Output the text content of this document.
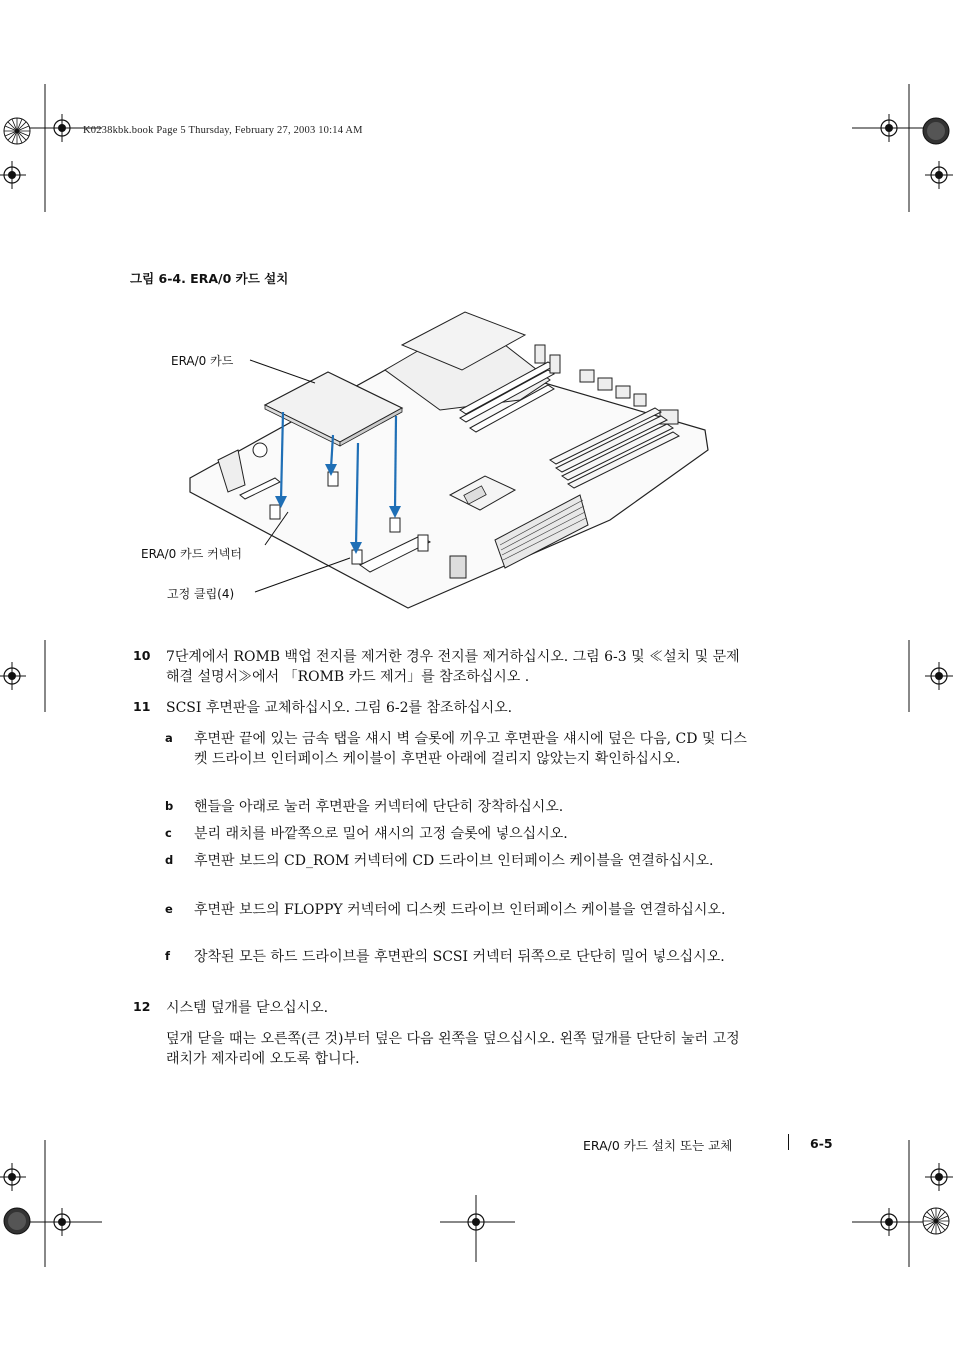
K0238kbk.book Page 5 Thursday, February 27, 2003 10:14 AM
그림 6-4. ERA/0 카드 설치
ERA/0 카드
ERA/0 카드 커넥터
고정 클립(4)
10 7단계에서 ROMB 백업 전지를 제거한 경우 전지를 제거하십시오. 그림 6-3 및 ≪설치 및 문제 해결 설명서≫에서 「ROMB 카드 제거」를 참조하십시오 .
11 SCSI 후면판을 교체하십시오. 그림 6-2를 참조하십시오.
a 후면판 끝에 있는 금속 탭을 섀시 벽 슬롯에 끼우고 후면판을 섀시에 덮은 다음, CD 및 디스켓 드라이브 인터페이스 케이블이 후면판 아래에 걸리지 않았는지 확인하십시오.
b 핸들을 아래로 눌러 후면판을 커넥터에 단단히 장착하십시오.
c 분리 래치를 바깥쪽으로 밀어 섀시의 고정 슬롯에 넣으십시오.
d 후면판 보드의 CD_ROM 커넥터에 CD 드라이브 인터페이스 케이블을 연결하십시오.
e 후면판 보드의 FLOPPY 커넥터에 디스켓 드라이브 인터페이스 케이블을 연결하십시오.
f 장착된 모든 하드 드라이브를 후면판의 SCSI 커넥터 뒤쪽으로 단단히 밀어 넣으십시오.
12 시스템 덮개를 닫으십시오.
덮개 닫을 때는 오른쪽(큰 것)부터 덮은 다음 왼쪽을 덮으십시오. 왼쪽 덮개를 단단히 눌러 고정 래치가 제자리에 오도록 합니다.
ERA/0 카드 설치 또는 교체	6-5
